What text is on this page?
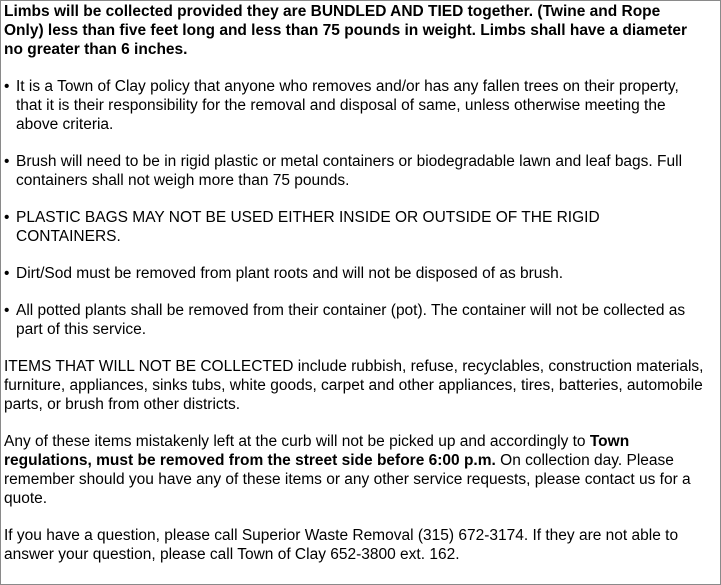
Limbs will be collected provided they are BUNDLED AND TIED together. (Twine and Rope Only) less than five feet long and less than 75 pounds in weight. Limbs shall have a diameter no greater than 6 inches.

• It is a Town of Clay policy that anyone who removes and/or has any fallen trees on their property, that it is their responsibility for the removal and disposal of same, unless otherwise meeting the above criteria.
• Brush will need to be in rigid plastic or metal containers or biodegradable lawn and leaf bags. Full containers shall not weigh more than 75 pounds.
• PLASTIC BAGS MAY NOT BE USED EITHER INSIDE OR OUTSIDE OF THE RIGID CONTAINERS.
• Dirt/Sod must be removed from plant roots and will not be disposed of as brush.
• All potted plants shall be removed from their container (pot). The container will not be collected as part of this service.

ITEMS THAT WILL NOT BE COLLECTED include rubbish, refuse, recyclables, construction materials, furniture, appliances, sinks tubs, white goods, carpet and other appliances, tires, batteries, automobile parts, or brush from other districts.

Any of these items mistakenly left at the curb will not be picked up and accordingly to Town regulations, must be removed from the street side before 6:00 p.m. On collection day. Please remember should you have any of these items or any other service requests, please contact us for a quote.

If you have a question, please call Superior Waste Removal (315) 672-3174. If they are not able to answer your question, please call Town of Clay 652-3800 ext. 162.
